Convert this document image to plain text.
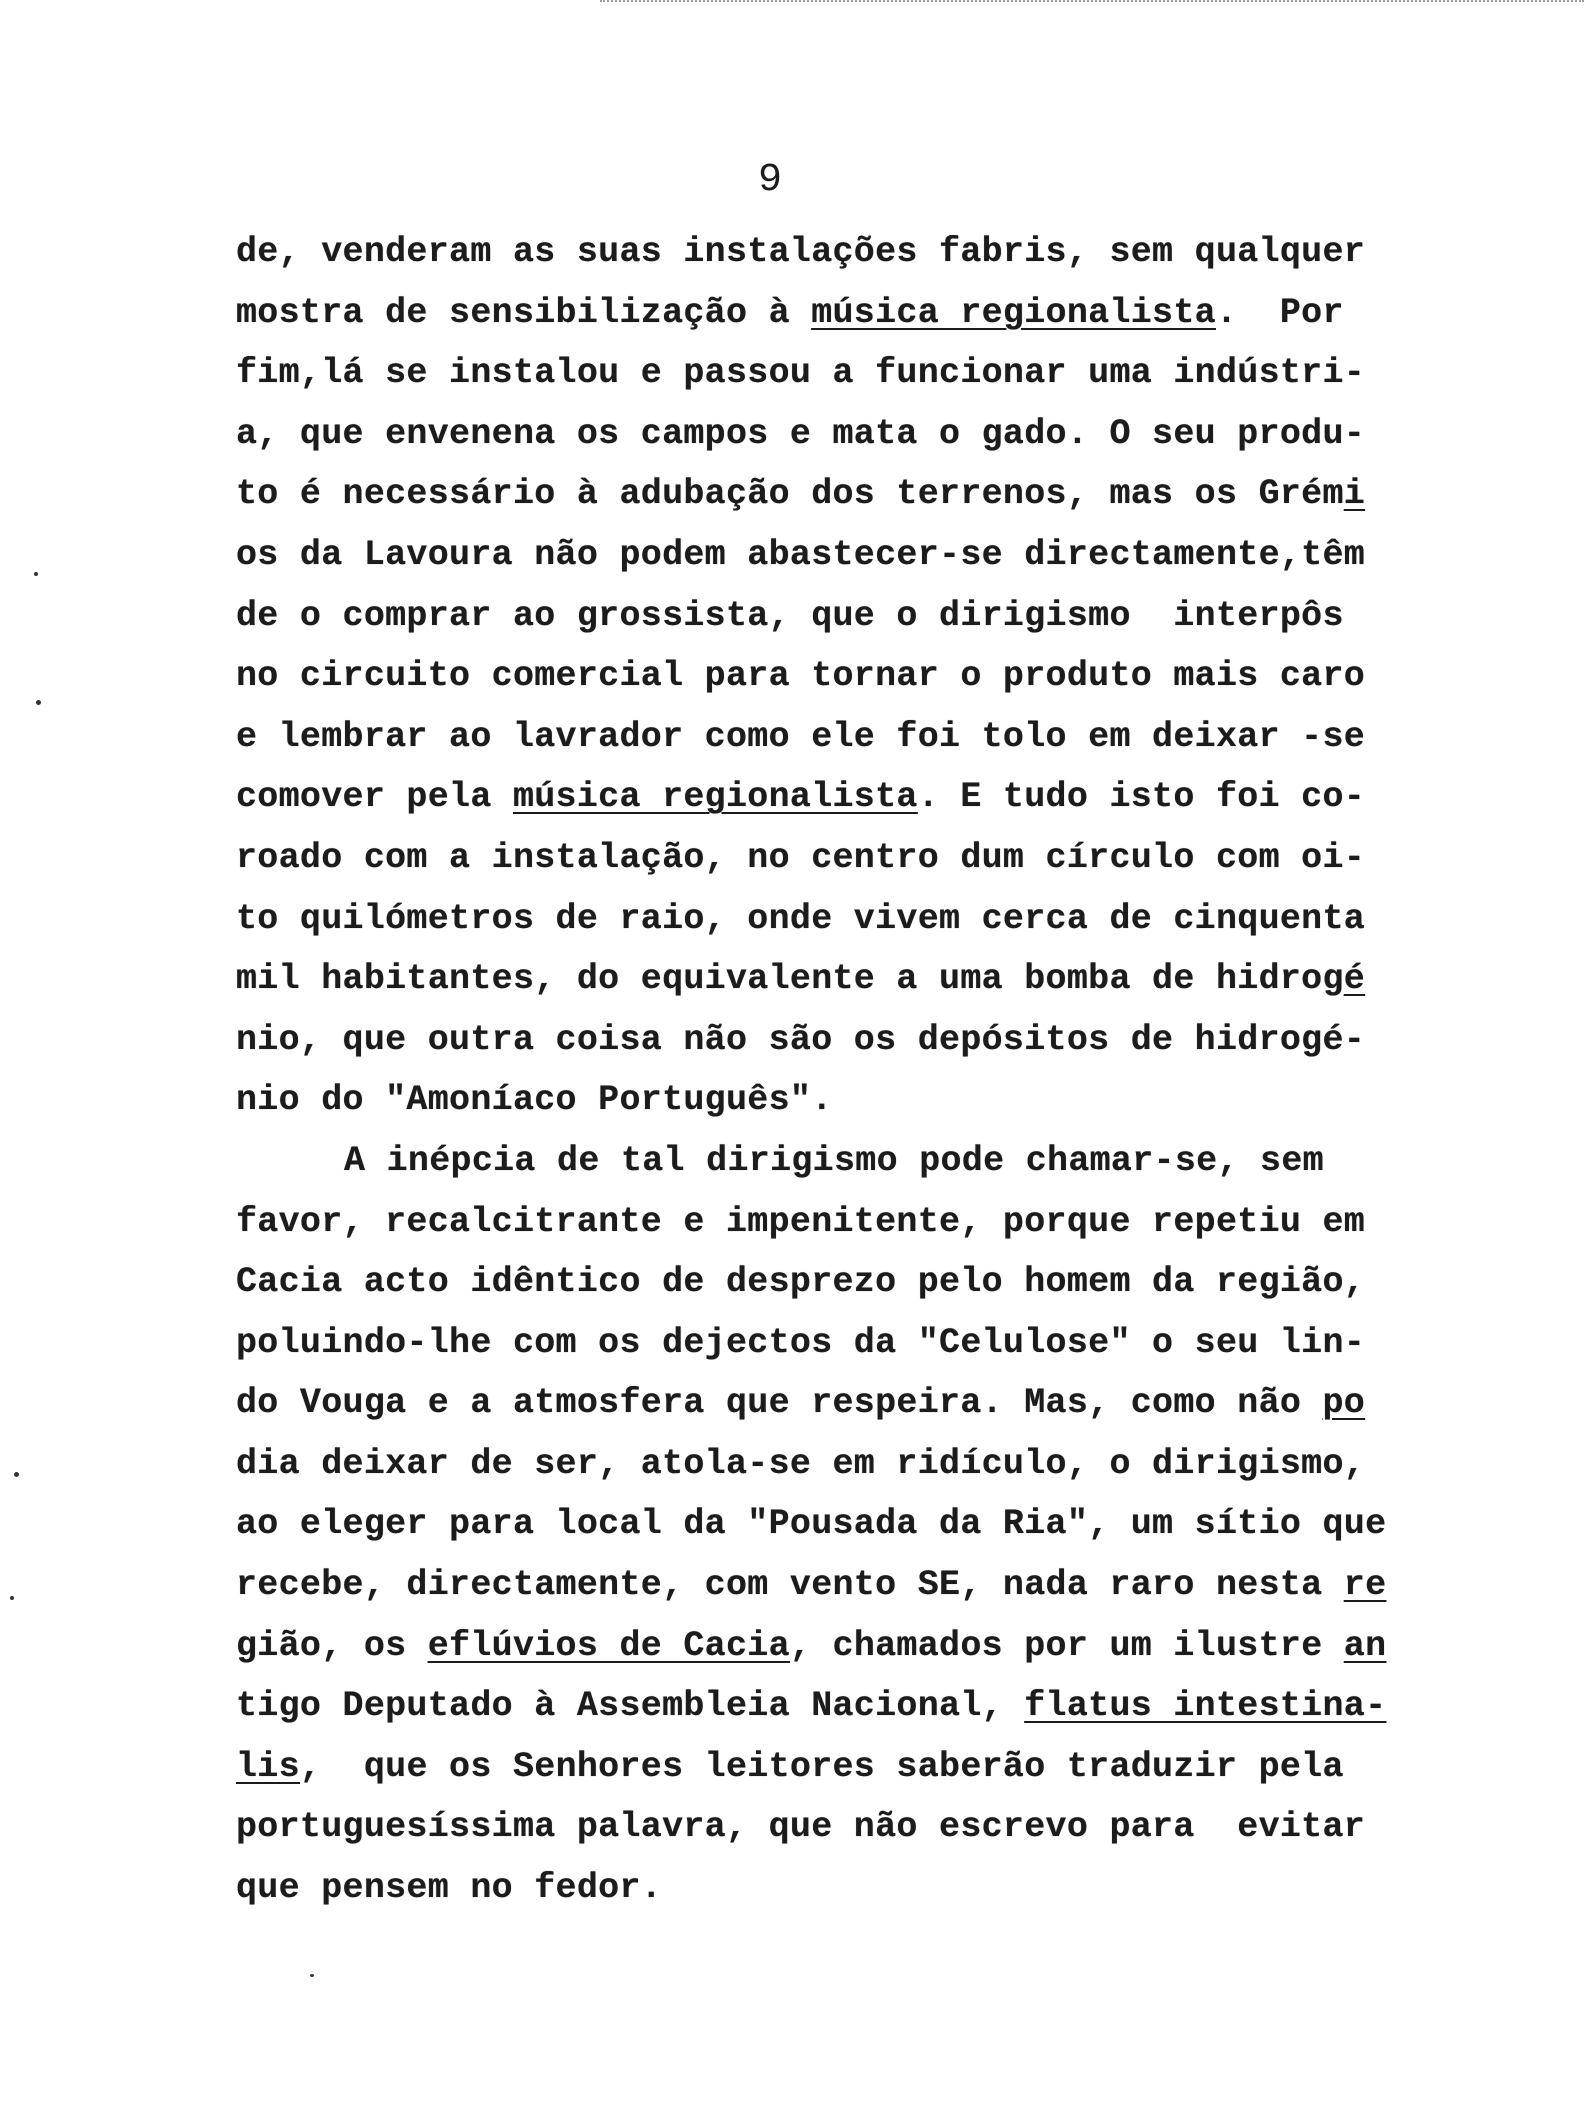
9
de, venderam as suas instalações fabris, sem qualquer
mostra de sensibilização à música regionalista.  Por
fim,lá se instalou e passou a funcionar uma indústri-
a, que envenena os campos e mata o gado. O seu produ-
to é necessário à adubação dos terrenos, mas os Grémi
os da Lavoura não podem abastecer-se directamente,têm
de o comprar ao grossista, que o dirigismo  interpôs
no circuito comercial para tornar o produto mais caro
e lembrar ao lavrador como ele foi tolo em deixar -se
comover pela música regionalista. E tudo isto foi co-
roado com a instalação, no centro dum círculo com oi-
to quilómetros de raio, onde vivem cerca de cinquenta
mil habitantes, do equivalente a uma bomba de hidrogé
nio, que outra coisa não são os depósitos de hidrogé-
nio do "Amoníaco Português".
A inépcia de tal dirigismo pode chamar-se, sem
favor, recalcitrante e impenitente, porque repetiu em
Cacia acto idêntico de desprezo pelo homem da região,
poluindo-lhe com os dejectos da "Celulose" o seu lin-
do Vouga e a atmosfera que respeira. Mas, como não po
dia deixar de ser, atola-se em ridículo, o dirigismo,
ao eleger para local da "Pousada da Ria", um sítio que
recebe, directamente, com vento SE, nada raro nesta re
gião, os eflúvios de Cacia, chamados por um ilustre an
tigo Deputado à Assembleia Nacional, flatus intestina-
lis,  que os Senhores leitores saberão traduzir pela
portuguesíssima palavra, que não escrevo para  evitar
que pensem no fedor.
